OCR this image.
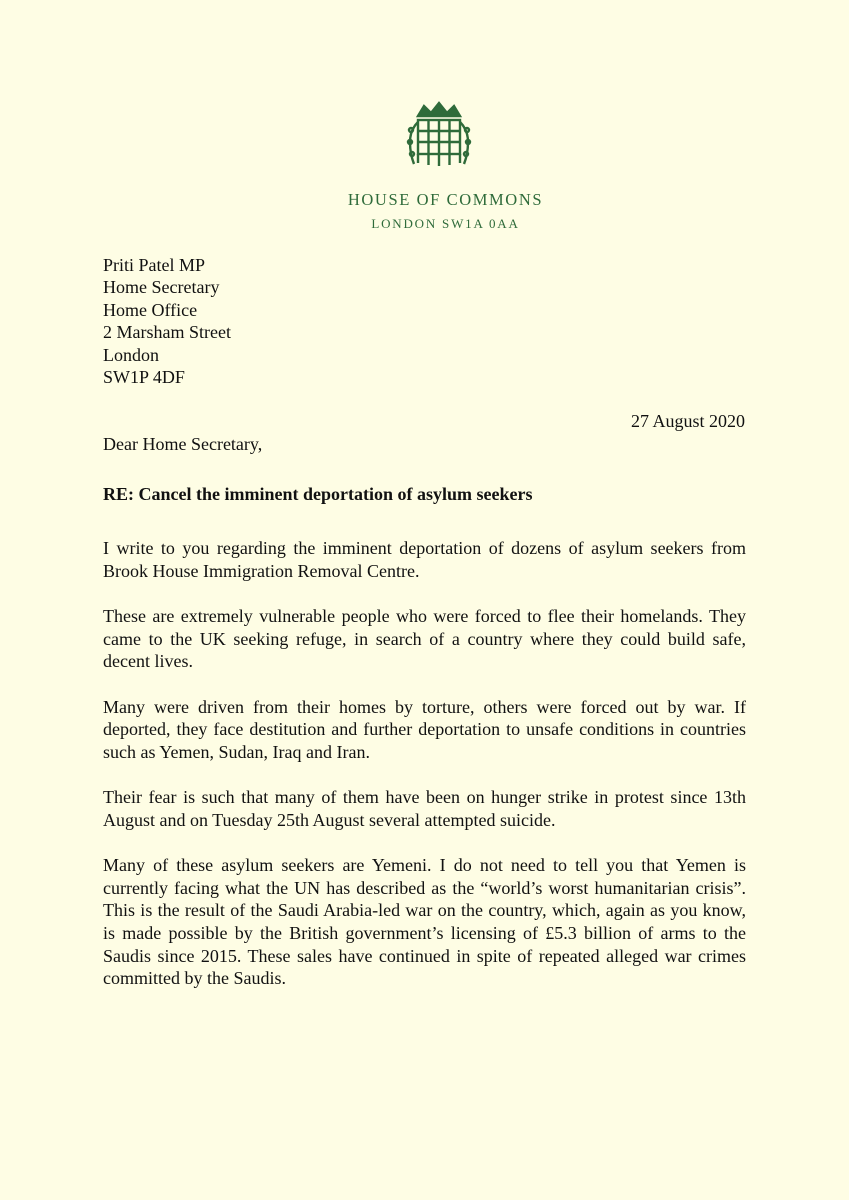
HOUSE OF COMMONS
LONDON SW1A 0AA
Priti Patel MP
Home Secretary
Home Office
2 Marsham Street
London
SW1P 4DF
27 August 2020
Dear Home Secretary,
RE: Cancel the imminent deportation of asylum seekers

I write to you regarding the imminent deportation of dozens of asylum seekers from Brook House Immigration Removal Centre.

These are extremely vulnerable people who were forced to flee their homelands. They came to the UK seeking refuge, in search of a country where they could build safe, decent lives.

Many were driven from their homes by torture, others were forced out by war. If deported, they face destitution and further deportation to unsafe conditions in countries such as Yemen, Sudan, Iraq and Iran.

Their fear is such that many of them have been on hunger strike in protest since 13th August and on Tuesday 25th August several attempted suicide.

Many of these asylum seekers are Yemeni. I do not need to tell you that Yemen is currently facing what the UN has described as the “world’s worst humanitarian crisis”. This is the result of the Saudi Arabia-led war on the country, which, again as you know, is made possible by the British government’s licensing of £5.3 billion of arms to the Saudis since 2015. These sales have continued in spite of repeated alleged war crimes committed by the Saudis.
